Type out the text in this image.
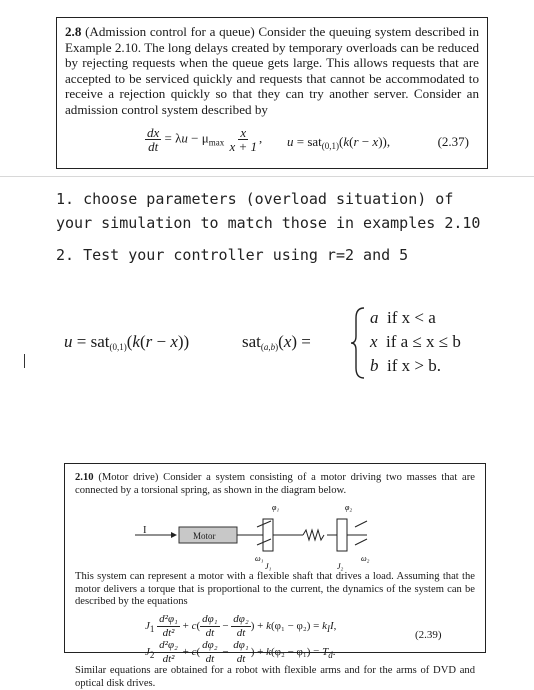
2.8 (Admission control for a queue) Consider the queuing system described in Example 2.10. The long delays created by temporary overloads can be reduced by rejecting requests when the queue gets large. This allows requests that are accepted to be serviced quickly and requests that cannot be accommodated to receive a rejection quickly so that they can try another server. Consider an admission control system described by

$\frac{dx}{dt} = \lambda u - \mu_{max} \frac{x}{x + 1}$ , u = sat$_{(0,1)}$(k(r − x)),	(2.37)
1. choose parameters (overload situation) of your simulation to match those in examples 2.10
2. Test your controller using r=2 and 5
u = sat$_{(0,1)}$(k(r − x))	sat$_{(a,b)}$(x) =
a if x < a
x if a ≤ x ≤ b
b if x > b.

2.10 (Motor drive) Consider a system consisting of a motor driving two masses that are connected by a torsional spring, as shown in the diagram below.

φ₁	φ₂
ω₁
J₁	J₂
ω₂
I	Motor

This system can represent a motor with a flexible shaft that drives a load. Assuming that the motor delivers a torque that is proportional to the current, the dynamics of the system can be described by the equations

$J_1 \frac{\text{d²φ₁}}{\text{dt²}} + c( \frac{\text{dφ₁}}{dt} - \frac{\text{dφ₂}}{dt}$ ) + $k(\varphi_1 - \varphi_2) = k_II$,
$J_2 \frac{\text{d²φ₂}}{\text{dt²}} + c( \frac{\text{dφ₂}}{dt} - \frac{\text{dφ₁}}{dt}$ ) + $k(\varphi_2 - \varphi_1) = T_d$.
(2.39)

Similar equations are obtained for a robot with flexible arms and for the arms of DVD and optical disk drives.
